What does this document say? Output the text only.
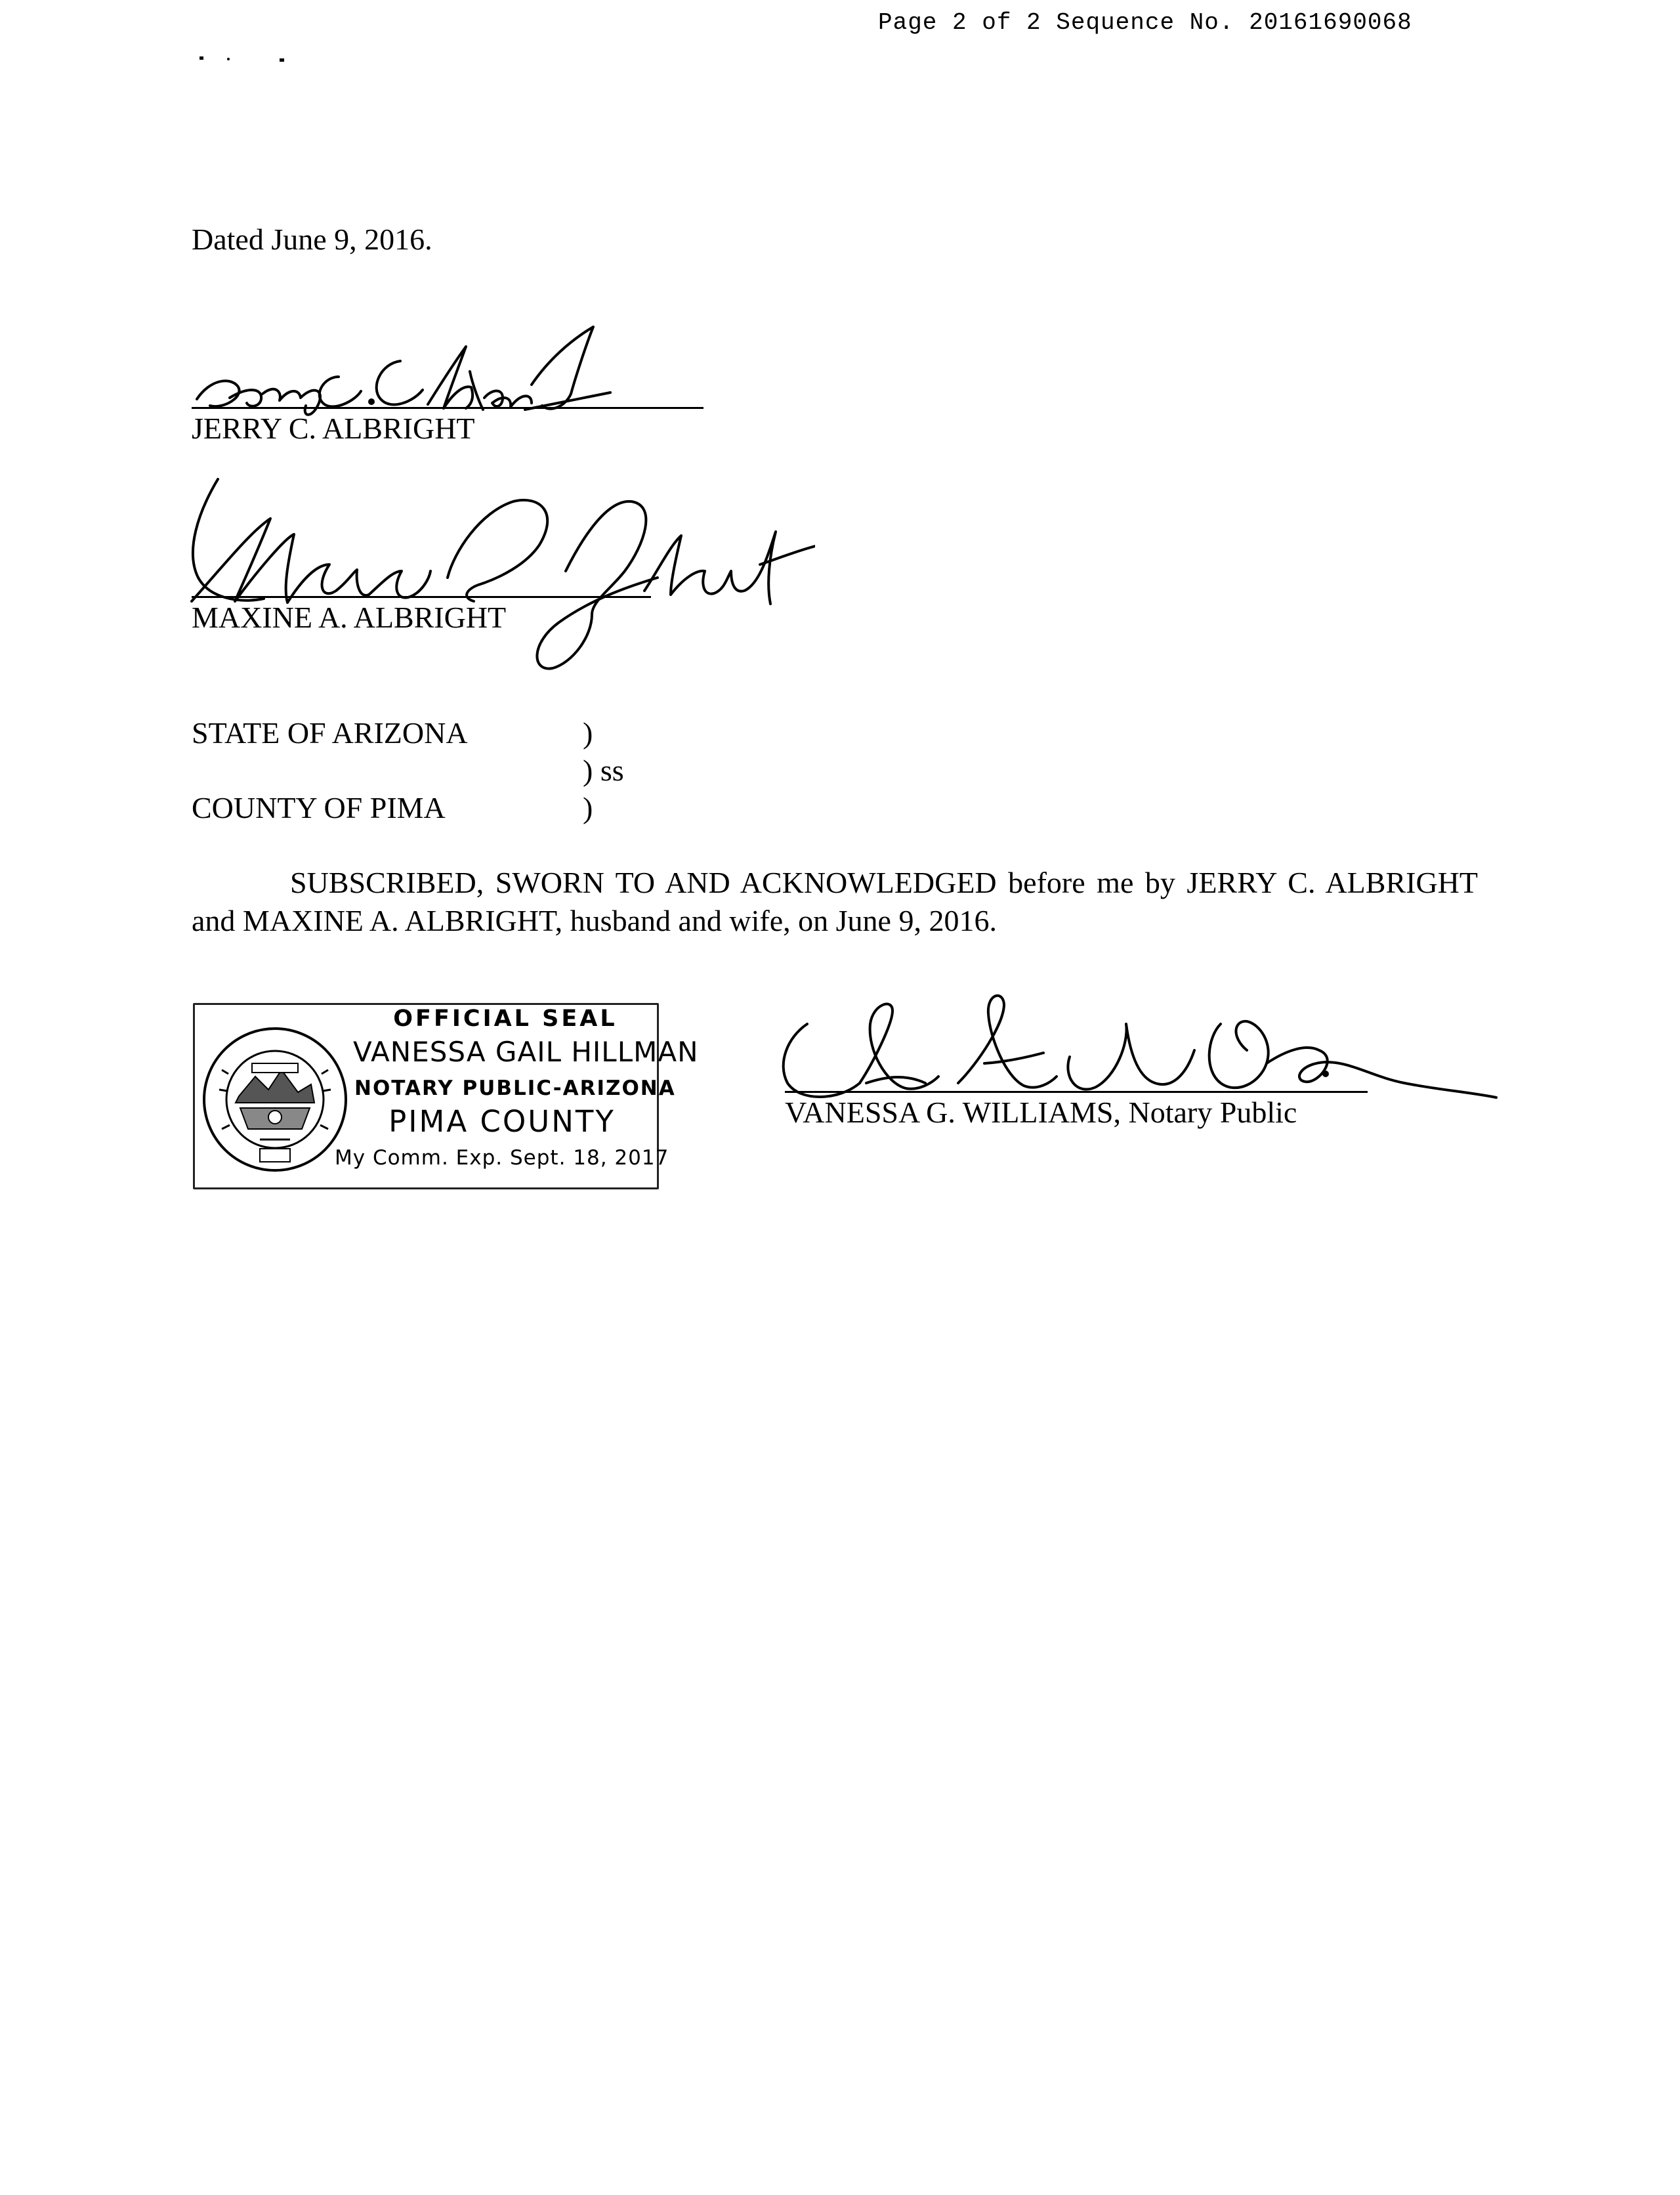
Page 2 of 2 Sequence No. 20161690068
Dated June 9, 2016.
JERRY C. ALBRIGHT
MAXINE A. ALBRIGHT
STATE OF ARIZONA
COUNTY OF PIMA
)
) ss
)
SUBSCRIBED, SWORN TO AND ACKNOWLEDGED before me by JERRY C. ALBRIGHT and MAXINE A. ALBRIGHT, husband and wife, on June 9, 2016.
OFFICIAL SEAL
VANESSA GAIL HILLMAN
NOTARY PUBLIC-ARIZONA
PIMA COUNTY
My Comm. Exp. Sept. 18, 2017
VANESSA G. WILLIAMS, Notary Public
